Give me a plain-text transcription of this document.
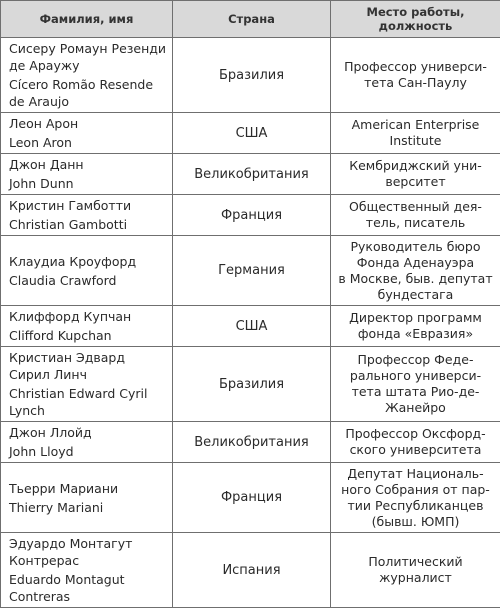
Фамилия, имя	Страна	Место работы,
должность

Сисеру Ромаун Резенди де Араужу
Cícero Romão Resende de Araujo	Бразилия	Профессор универси-
тета Сан-Паулу

Леон Арон
Leon Aron	США	American Enterprise
Institute

Джон Данн
John Dunn	Великобритания	Кембриджский уни-
верситет

Кристин Гамботти
Christian Gambotti	Франция	Общественный дея-
тель, писатель

Клаудиа Кроуфорд
Claudia Crawford	Германия	Руководитель бюро
Фонда Аденауэра
в Москве, быв. депутат
бундестага

Клиффорд Купчан
Clifford Kupchan	США	Директор программ
фонда «Евразия»

Кристиан Эдвард Сирил Линч
Christian Edward Cyril Lynch	Бразилия	Профессор Феде-
рального универси-
тета штата Рио-де-
Жанейро

Джон Ллойд
John Lloyd	Великобритания	Профессор Оксфорд-
ского университета

Тьерри Мариани
Thierry Mariani	Франция	Депутат Националь-
ного Собрания от пар-
тии Республиканцев
(бывш. ЮМП)

Эдуардо Монтагут Контрерас
Eduardo Montagut Contreras	Испания	Политический
журналист
